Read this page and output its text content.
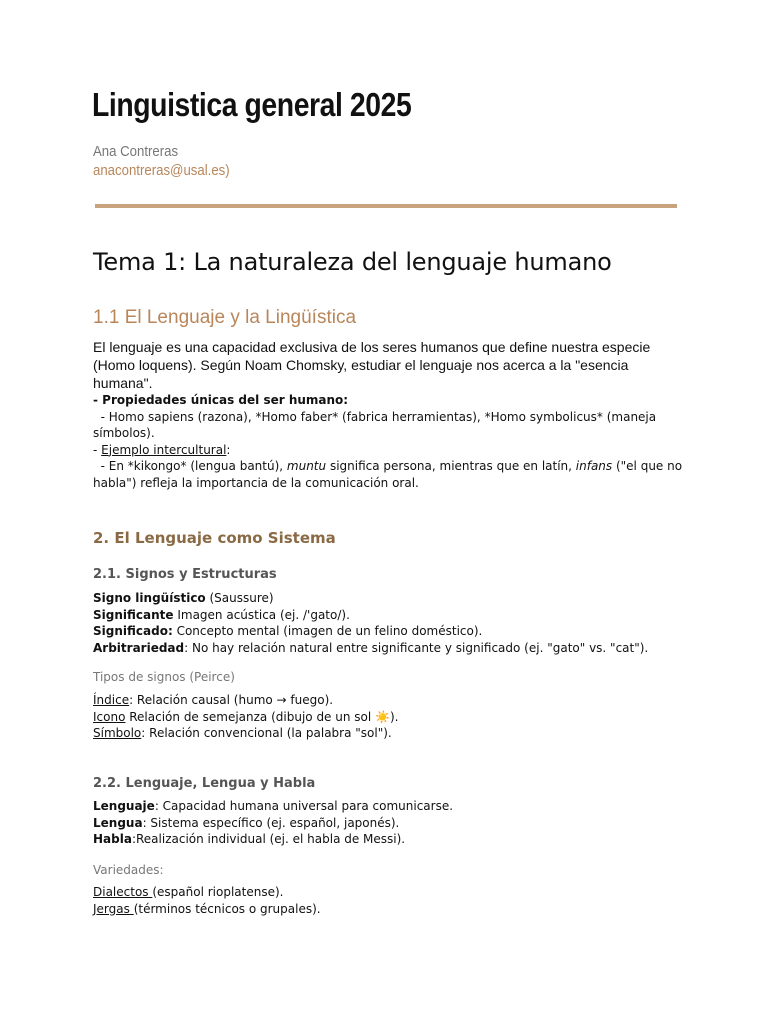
Linguistica general 2025
Ana Contreras
anacontreras@usal.es)
Tema 1: La naturaleza del lenguaje humano
1.1 El Lenguaje y la Lingüística
El lenguaje es una capacidad exclusiva de los seres humanos que define nuestra especie (Homo loquens). Según Noam Chomsky, estudiar el lenguaje nos acerca a la "esencia humana".
- Propiedades únicas del ser humano:
- Homo sapiens (razona), *Homo faber* (fabrica herramientas), *Homo symbolicus* (maneja símbolos).
- Ejemplo intercultural:
- En *kikongo* (lengua bantú), muntu significa persona, mientras que en latín, infans ("el que no habla") refleja la importancia de la comunicación oral.
2. El Lenguaje como Sistema
2.1. Signos y Estructuras
Signo lingüístico (Saussure)
Significante Imagen acústica (ej. /'gato/).
Significado: Concepto mental (imagen de un felino doméstico).
Arbitrariedad: No hay relación natural entre significante y significado (ej. "gato" vs. "cat").
Tipos de signos (Peirce)
Índice: Relación causal (humo → fuego).
Icono Relación de semejanza (dibujo de un sol ☀️).
Símbolo: Relación convencional (la palabra "sol").
2.2. Lenguaje, Lengua y Habla
Lenguaje: Capacidad humana universal para comunicarse.
Lengua: Sistema específico (ej. español, japonés).
Habla:Realización individual (ej. el habla de Messi).
Variedades:
Dialectos (español rioplatense).
Jergas (términos técnicos o grupales).
